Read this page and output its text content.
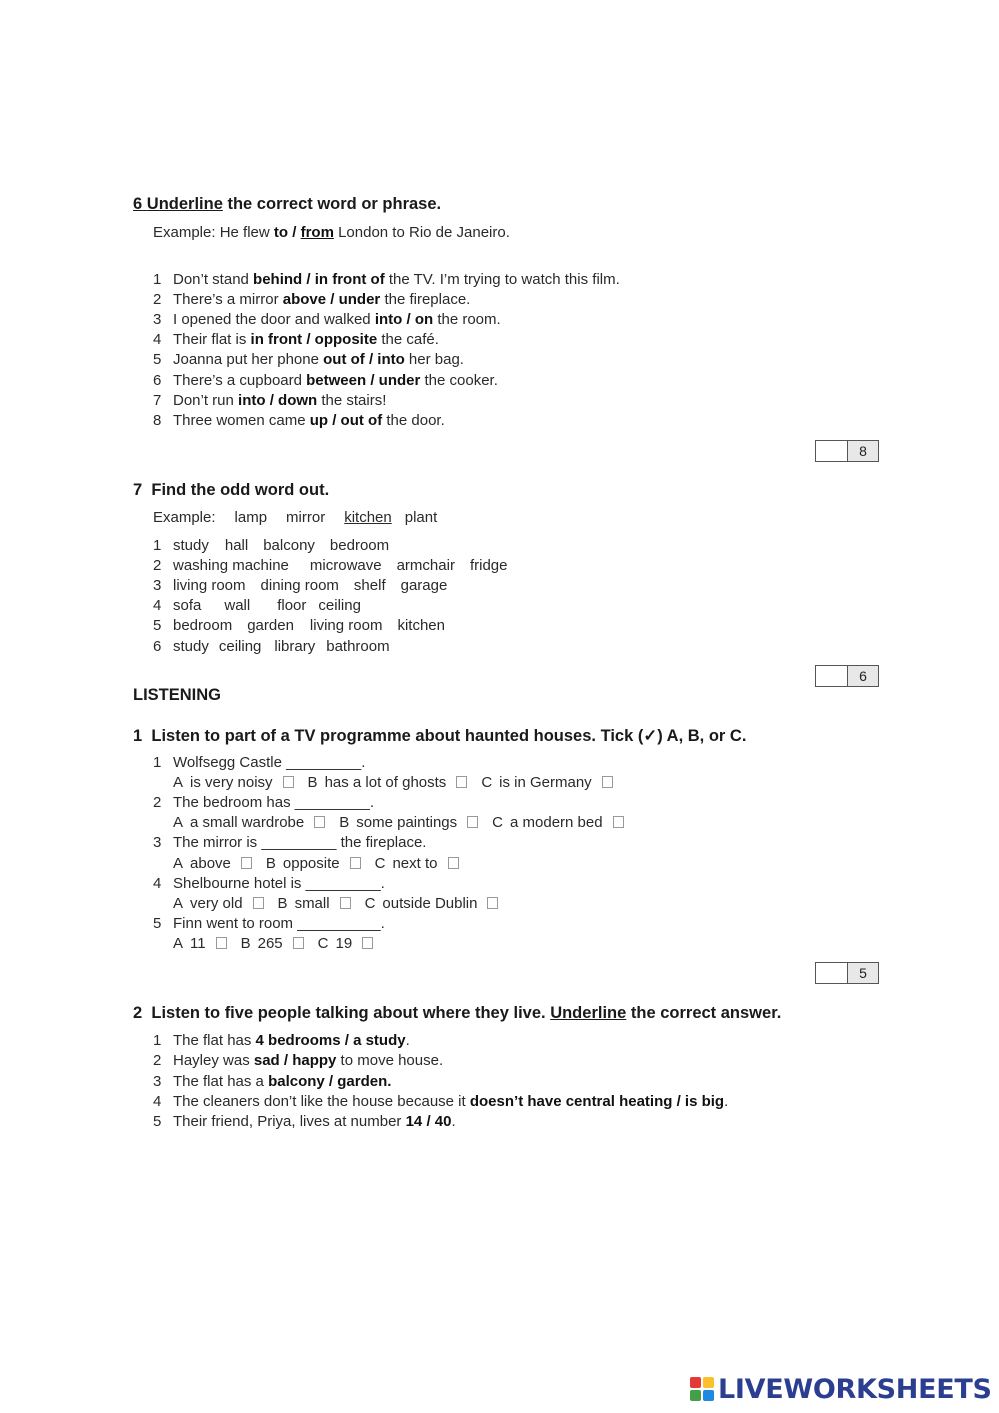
6 Underline the correct word or phrase.
Example: He flew to / from London to Rio de Janeiro.
1 Don’t stand behind / in front of the TV. I’m trying to watch this film.
2 There’s a mirror above / under the fireplace.
3 I opened the door and walked into / on the room.
4 Their flat is in front / opposite the café.
5 Joanna put her phone out of / into her bag.
6 There’s a cupboard between / under the cooker.
7 Don’t run into / down the stairs!
8 Three women came up / out of the door.
8
7 Find the odd word out.
Example: lamp mirror kitchen plant
1 study hall balcony bedroom
2 washing machine microwave armchair fridge
3 living room dining room shelf garage
4 sofa wall floor ceiling
5 bedroom garden living room kitchen
6 study ceiling library bathroom
6
LISTENING
1 Listen to part of a TV programme about haunted houses. Tick (✓) A, B, or C.
1 Wolfsegg Castle _________.
A is very noisy B has a lot of ghosts C is in Germany
2 The bedroom has _________.
A a small wardrobe B some paintings C a modern bed
3 The mirror is _________ the fireplace.
A above B opposite C next to
4 Shelbourne hotel is _________.
A very old B small C outside Dublin
5 Finn went to room __________.
A 11 B 265 C 19
5
2 Listen to five people talking about where they live. Underline the correct answer.
1 The flat has 4 bedrooms / a study.
2 Hayley was sad / happy to move house.
3 The flat has a balcony / garden.
4 The cleaners don’t like the house because it doesn’t have central heating / is big.
5 Their friend, Priya, lives at number 14 / 40.
LIVEWORKSHEETS
